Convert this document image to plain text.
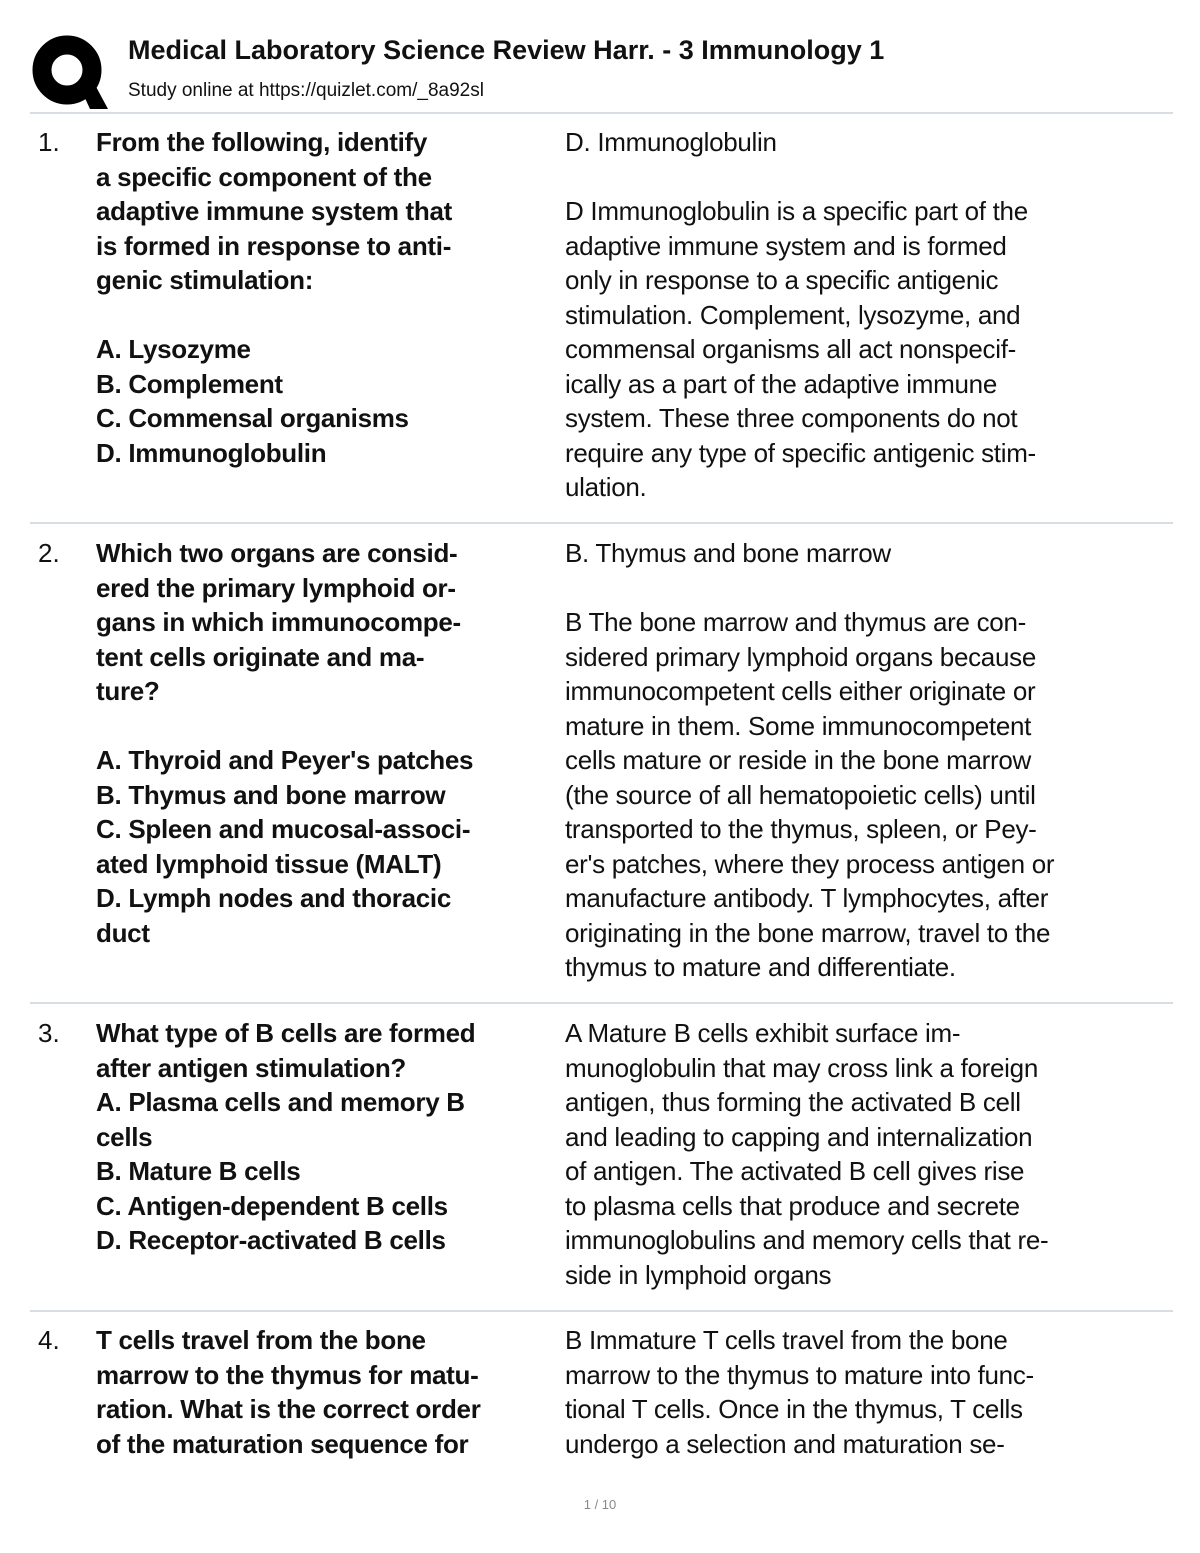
Medical Laboratory Science Review Harr. - 3 Immunology 1
Study online at https://quizlet.com/_8a92sl
1. From the following, identify
a specific component of the
adaptive immune system that
is formed in response to anti-
genic stimulation:
A. Lysozyme
B. Complement
C. Commensal organisms
D. Immunoglobulin
D. Immunoglobulin
D Immunoglobulin is a specific part of the
adaptive immune system and is formed
only in response to a specific antigenic
stimulation. Complement, lysozyme, and
commensal organisms all act nonspecif-
ically as a part of the adaptive immune
system. These three components do not
require any type of specific antigenic stim-
ulation.
2. Which two organs are consid-
ered the primary lymphoid or-
gans in which immunocompe-
tent cells originate and ma-
ture?
A. Thyroid and Peyer's patches
B. Thymus and bone marrow
C. Spleen and mucosal-associ-
ated lymphoid tissue (MALT)
D. Lymph nodes and thoracic
duct
B. Thymus and bone marrow
B The bone marrow and thymus are con-
sidered primary lymphoid organs because
immunocompetent cells either originate or
mature in them. Some immunocompetent
cells mature or reside in the bone marrow
(the source of all hematopoietic cells) until
transported to the thymus, spleen, or Pey-
er's patches, where they process antigen or
manufacture antibody. T lymphocytes, after
originating in the bone marrow, travel to the
thymus to mature and differentiate.
3. What type of B cells are formed
after antigen stimulation?
A. Plasma cells and memory B
cells
B. Mature B cells
C. Antigen-dependent B cells
D. Receptor-activated B cells
A Mature B cells exhibit surface im-
munoglobulin that may cross link a foreign
antigen, thus forming the activated B cell
and leading to capping and internalization
of antigen. The activated B cell gives rise
to plasma cells that produce and secrete
immunoglobulins and memory cells that re-
side in lymphoid organs
4. T cells travel from the bone
marrow to the thymus for matu-
ration. What is the correct order
of the maturation sequence for
B Immature T cells travel from the bone
marrow to the thymus to mature into func-
tional T cells. Once in the thymus, T cells
undergo a selection and maturation se-
1 / 10
